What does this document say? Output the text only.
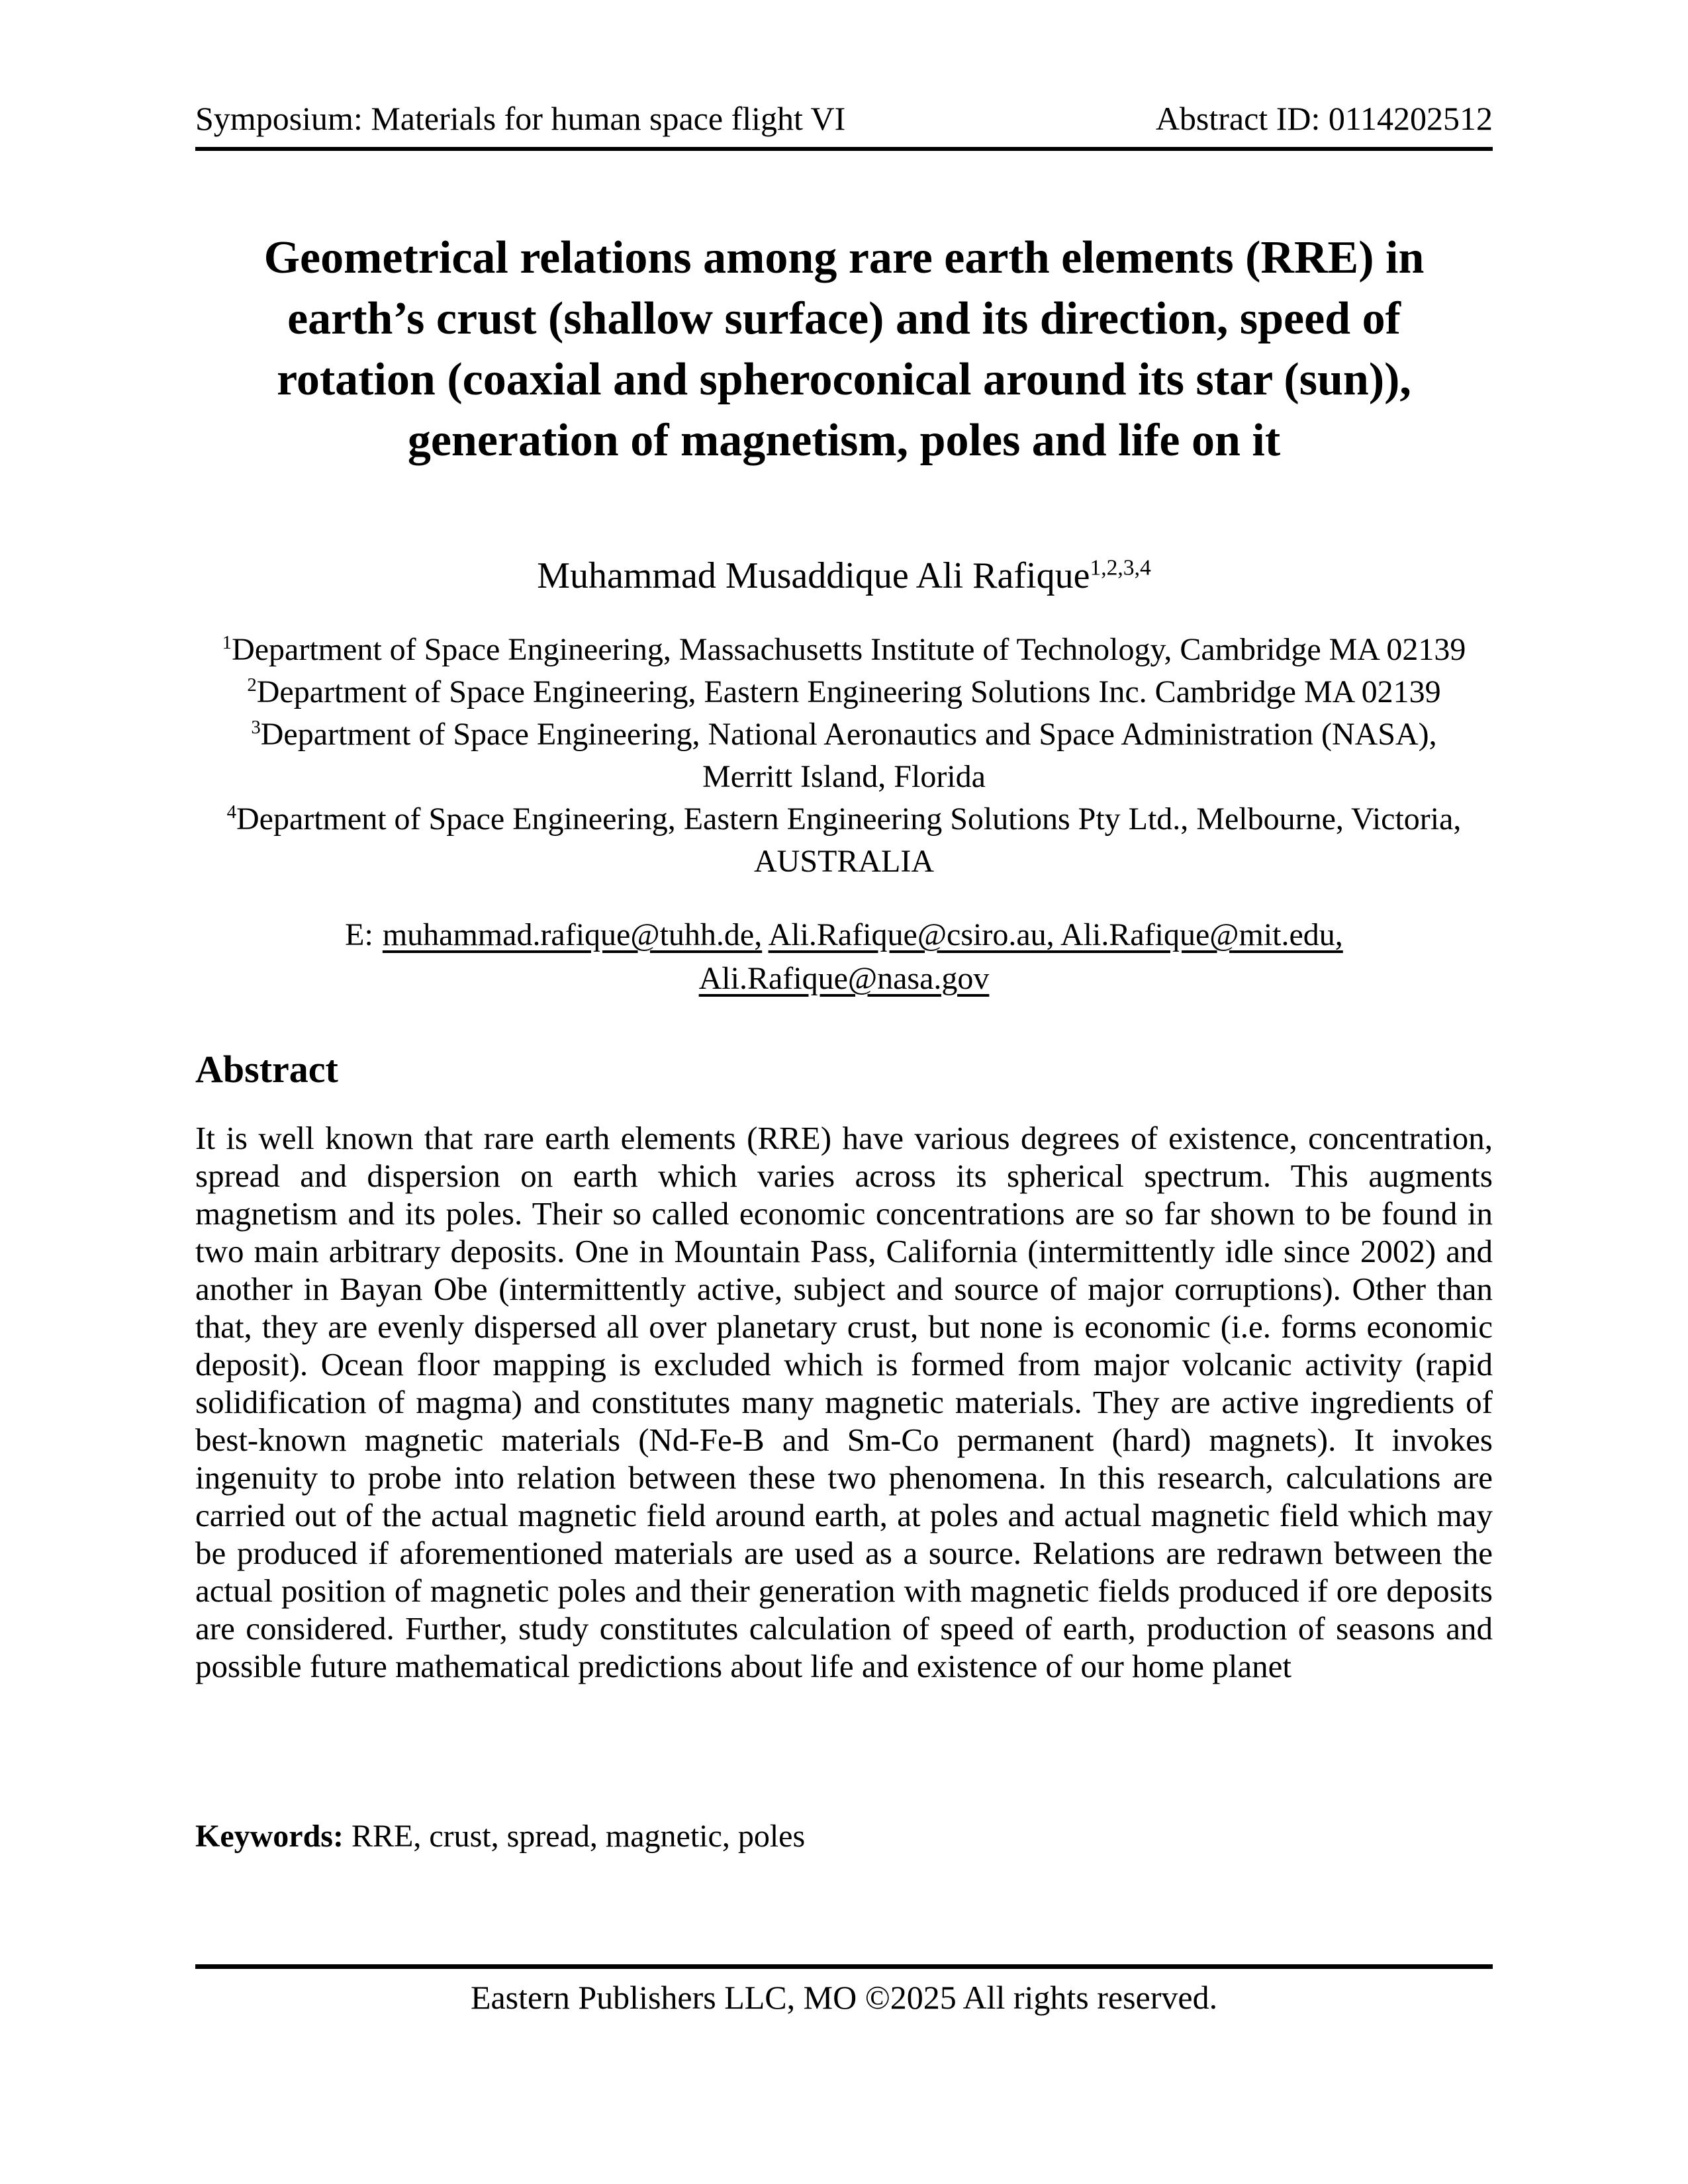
Symposium: Materials for human space flight VI	Abstract ID: 0114202512
Geometrical relations among rare earth elements (RRE) in
earth’s crust (shallow surface) and its direction, speed of
rotation (coaxial and spheroconical around its star (sun)),
generation of magnetism, poles and life on it
Muhammad Musaddique Ali Rafique$^{1,2,3,4}$
$^1$Department of Space Engineering, Massachusetts Institute of Technology, Cambridge MA 02139
$^2$Department of Space Engineering, Eastern Engineering Solutions Inc. Cambridge MA 02139
$^3$Department of Space Engineering, National Aeronautics and Space Administration (NASA),
Merritt Island, Florida
$^4$Department of Space Engineering, Eastern Engineering Solutions Pty Ltd., Melbourne, Victoria,
AUSTRALIA
E: muhammad.rafique@tuhh.de, Ali.Rafique@csiro.au, Ali.Rafique@mit.edu,
Ali.Rafique@nasa.gov
Abstract
It is well known that rare earth elements (RRE) have various degrees of existence, concentration, spread and dispersion on earth which varies across its spherical spectrum. This augments magnetism and its poles. Their so called economic concentrations are so far shown to be found in two main arbitrary deposits. One in Mountain Pass, California (intermittently idle since 2002) and another in Bayan Obe (intermittently active, subject and source of major corruptions). Other than that, they are evenly dispersed all over planetary crust, but none is economic (i.e. forms economic deposit). Ocean floor mapping is excluded which is formed from major volcanic activity (rapid solidification of magma) and constitutes many magnetic materials. They are active ingredients of best-known magnetic materials (Nd-Fe-B and Sm-Co permanent (hard) magnets). It invokes ingenuity to probe into relation between these two phenomena. In this research, calculations are carried out of the actual magnetic field around earth, at poles and actual magnetic field which may be produced if aforementioned materials are used as a source. Relations are redrawn between the actual position of magnetic poles and their generation with magnetic fields produced if ore deposits are considered. Further, study constitutes calculation of speed of earth, production of seasons and possible future mathematical predictions about life and existence of our home planet
Keywords: RRE, crust, spread, magnetic, poles
Eastern Publishers LLC, MO ©2025 All rights reserved.
